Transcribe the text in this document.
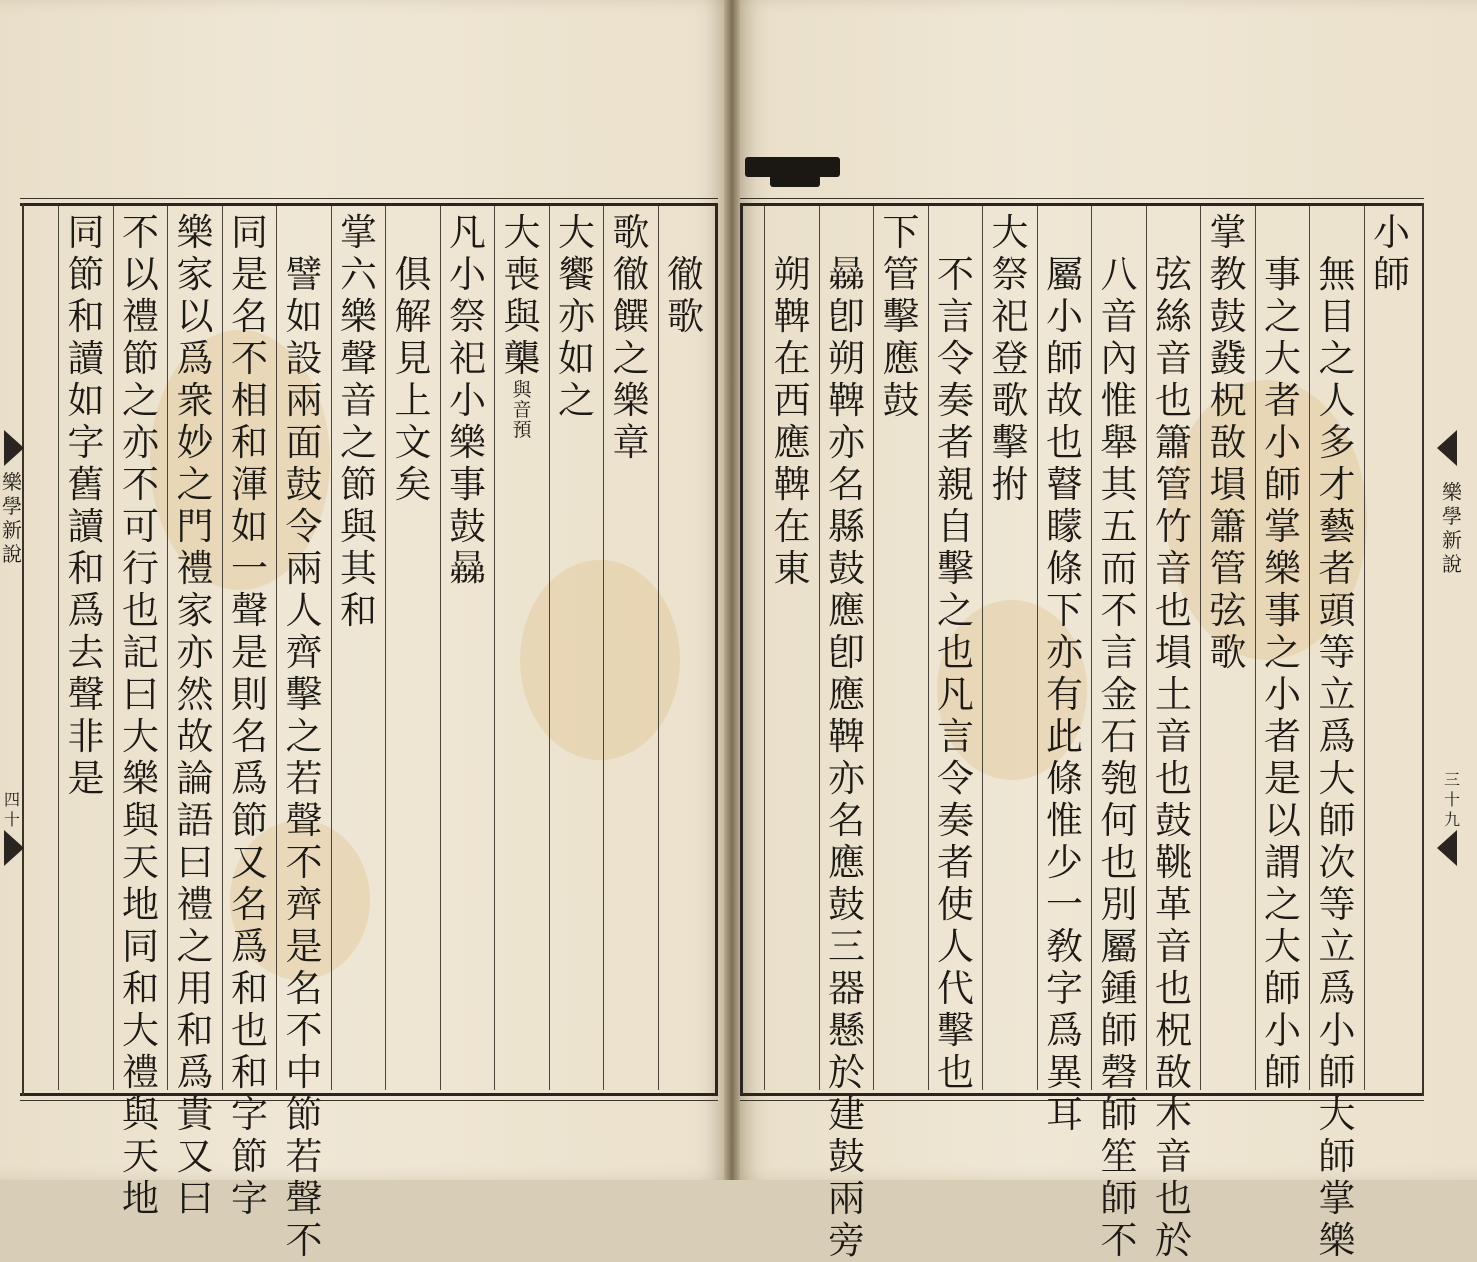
樂
學
新
說
四
十
樂
學
新
說
三
十
九
徹
歌
歌
徹
饌
之
樂
章
大
饗
亦
如
之
大
喪
與
㰍
與
音
預
凡
小
祭
祀
小
樂
事
鼓
𣋥
俱
解
見
上
文
矣
掌
六
樂
聲
音
之
節
與
其
和
譬
如
設
兩
面
鼓
令
兩
人
齊
擊
之
若
聲
不
齊
是
名
不
中
節
若
聲
不
同
是
名
不
相
和
渾
如
一
聲
是
則
名
爲
節
又
名
爲
和
也
和
字
節
字
樂
家
以
爲
衆
妙
之
門
禮
家
亦
然
故
論
語
曰
禮
之
用
和
爲
貴
又
曰
不
以
禮
節
之
亦
不
可
行
也
記
曰
大
樂
與
天
地
同
和
大
禮
與
天
地
同
節
和
讀
如
字
舊
讀
和
爲
去
聲
非
是
小
師
無
目
之
人
多
才
藝
者
頭
等
立
爲
大
師
次
等
立
爲
小
師
大
師
掌
樂
事
之
大
者
小
師
掌
樂
事
之
小
者
是
以
謂
之
大
師
小
師
掌
教
鼓
鼗
柷
敔
塤
簫
管
弦
歌
弦
絲
音
也
簫
管
竹
音
也
塤
土
音
也
鼓
鞉
革
音
也
柷
敔
木
音
也
於
八
音
內
惟
舉
其
五
而
不
言
金
石
匏
何
也
別
屬
鍾
師
磬
師
笙
師
不
屬
小
師
故
也
瞽
矇
條
下
亦
有
此
條
惟
少
一
敎
字
爲
異
耳
大
祭
祀
登
歌
擊
拊
不
言
令
奏
者
親
自
擊
之
也
凡
言
令
奏
者
使
人
代
擊
也
下
管
擊
應
鼓
𣋥
卽
朔
鞞
亦
名
縣
鼓
應
卽
應
鞞
亦
名
應
鼓
三
器
懸
於
建
鼓
兩
旁
朔
鞞
在
西
應
鞞
在
東
